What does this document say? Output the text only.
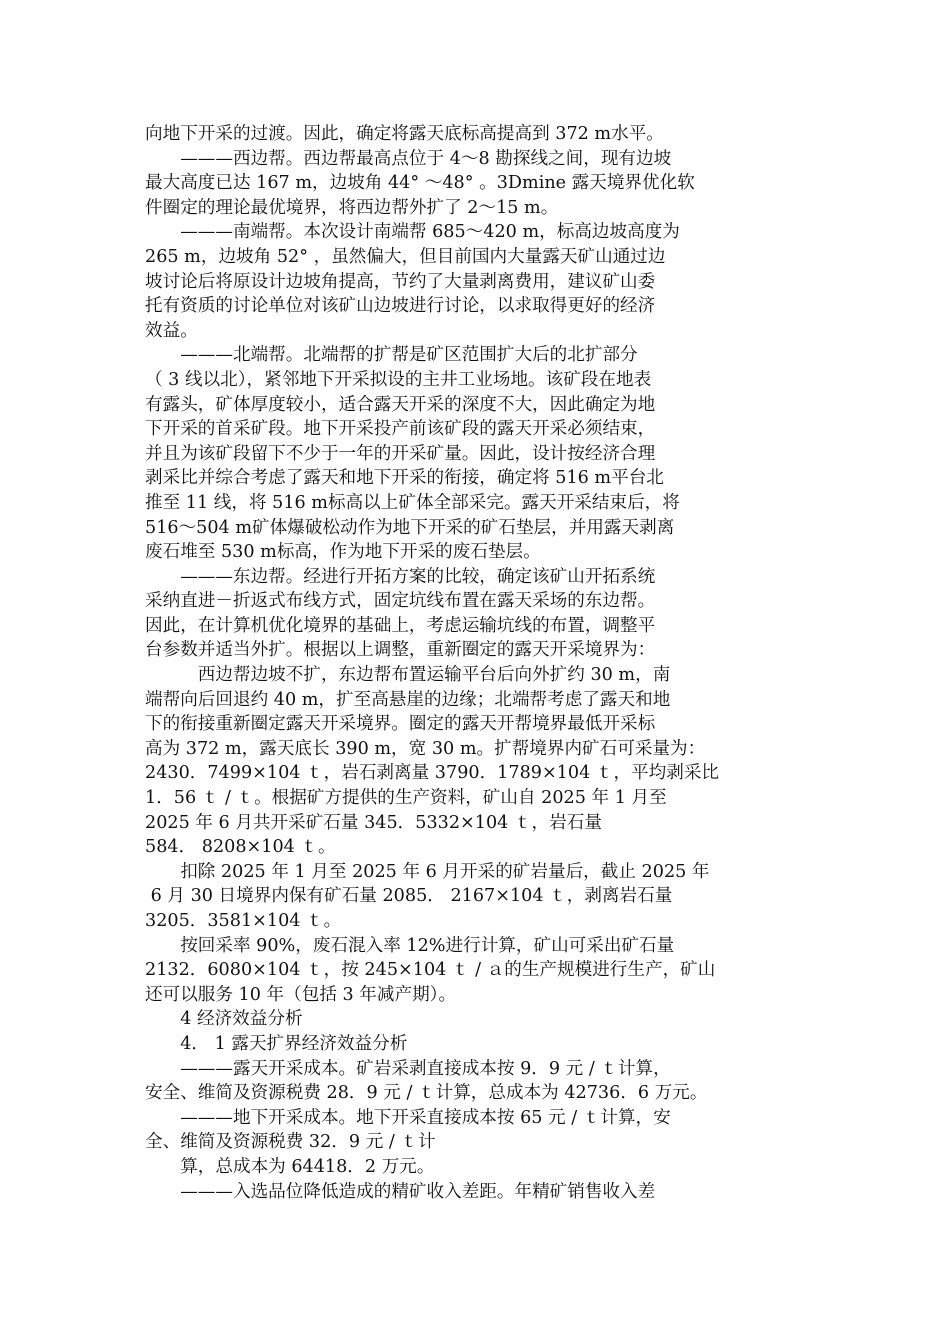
向地下开采的过渡。因此，确定将露天底标高提高到 372 m水平。
　　———西边帮。西边帮最高点位于 4～8 勘探线之间，现有边坡
最大高度已达 167 m，边坡角 44° ～48° 。3Dmine 露天境界优化软
件圈定的理论最优境界，将西边帮外扩了 2～15 m。
　　———南端帮。本次设计南端帮 685～420 m，标高边坡高度为
265 m，边坡角 52° ，虽然偏大，但目前国内大量露天矿山通过边
坡讨论后将原设计边坡角提高，节约了大量剥离费用，建议矿山委
托有资质的讨论单位对该矿山边坡进行讨论，以求取得更好的经济
效益。
　　———北端帮。北端帮的扩帮是矿区范围扩大后的北扩部分
（ 3 线以北），紧邻地下开采拟设的主井工业场地。该矿段在地表
有露头，矿体厚度较小，适合露天开采的深度不大，因此确定为地
下开采的首采矿段。地下开采投产前该矿段的露天开采必须结束，
并且为该矿段留下不少于一年的开采矿量。因此，设计按经济合理
剥采比并综合考虑了露天和地下开采的衔接，确定将 516 m平台北
推至 11 线，将 516 m标高以上矿体全部采完。露天开采结束后，将
516～504 m矿体爆破松动作为地下开采的矿石垫层，并用露天剥离
废石堆至 530 m标高，作为地下开采的废石垫层。
　　———东边帮。经进行开拓方案的比较，确定该矿山开拓系统
采纳直进－折返式布线方式，固定坑线布置在露天采场的东边帮。
因此，在计算机优化境界的基础上，考虑运输坑线的布置，调整平
台参数并适当外扩。根据以上调整，重新圈定的露天开采境界为：
　　　西边帮边坡不扩，东边帮布置运输平台后向外扩约 30 m，南
端帮向后回退约 40 m，扩至高悬崖的边缘；北端帮考虑了露天和地
下的衔接重新圈定露天开采境界。圈定的露天开帮境界最低开采标
高为 372 m，露天底长 390 m，宽 30 m。扩帮境界内矿石可采量为：
2430．7499×104 ｔ，岩石剥离量 3790．1789×104 ｔ，平均剥采比
1．56 ｔ / ｔ。根据矿方提供的生产资料，矿山自 2025 年 1 月至
2025 年 6 月共开采矿石量 345．5332×104 ｔ，岩石量
584． 8208×104 ｔ。
　　扣除 2025 年 1 月至 2025 年 6 月开采的矿岩量后，截止 2025 年
6 月 30 日境界内保有矿石量 2085． 2167×104 ｔ，剥离岩石量
3205．3581×104 ｔ。
　　按回采率 90%，废石混入率 12%进行计算，矿山可采出矿石量
2132．6080×104 ｔ，按 245×104 ｔ / ａ的生产规模进行生产，矿山
还可以服务 10 年（包括 3 年减产期）。
　　4 经济效益分析
　　4． 1 露天扩界经济效益分析
　　———露天开采成本。矿岩采剥直接成本按 9．9 元 / ｔ计算，
安全、维简及资源税费 28．9 元 / ｔ计算，总成本为 42736．6 万元。
　　———地下开采成本。地下开采直接成本按 65 元 / ｔ计算，安
全、维简及资源税费 32．9 元 / ｔ计
　　算，总成本为 64418．2 万元。
　　———入选品位降低造成的精矿收入差距。年精矿销售收入差
